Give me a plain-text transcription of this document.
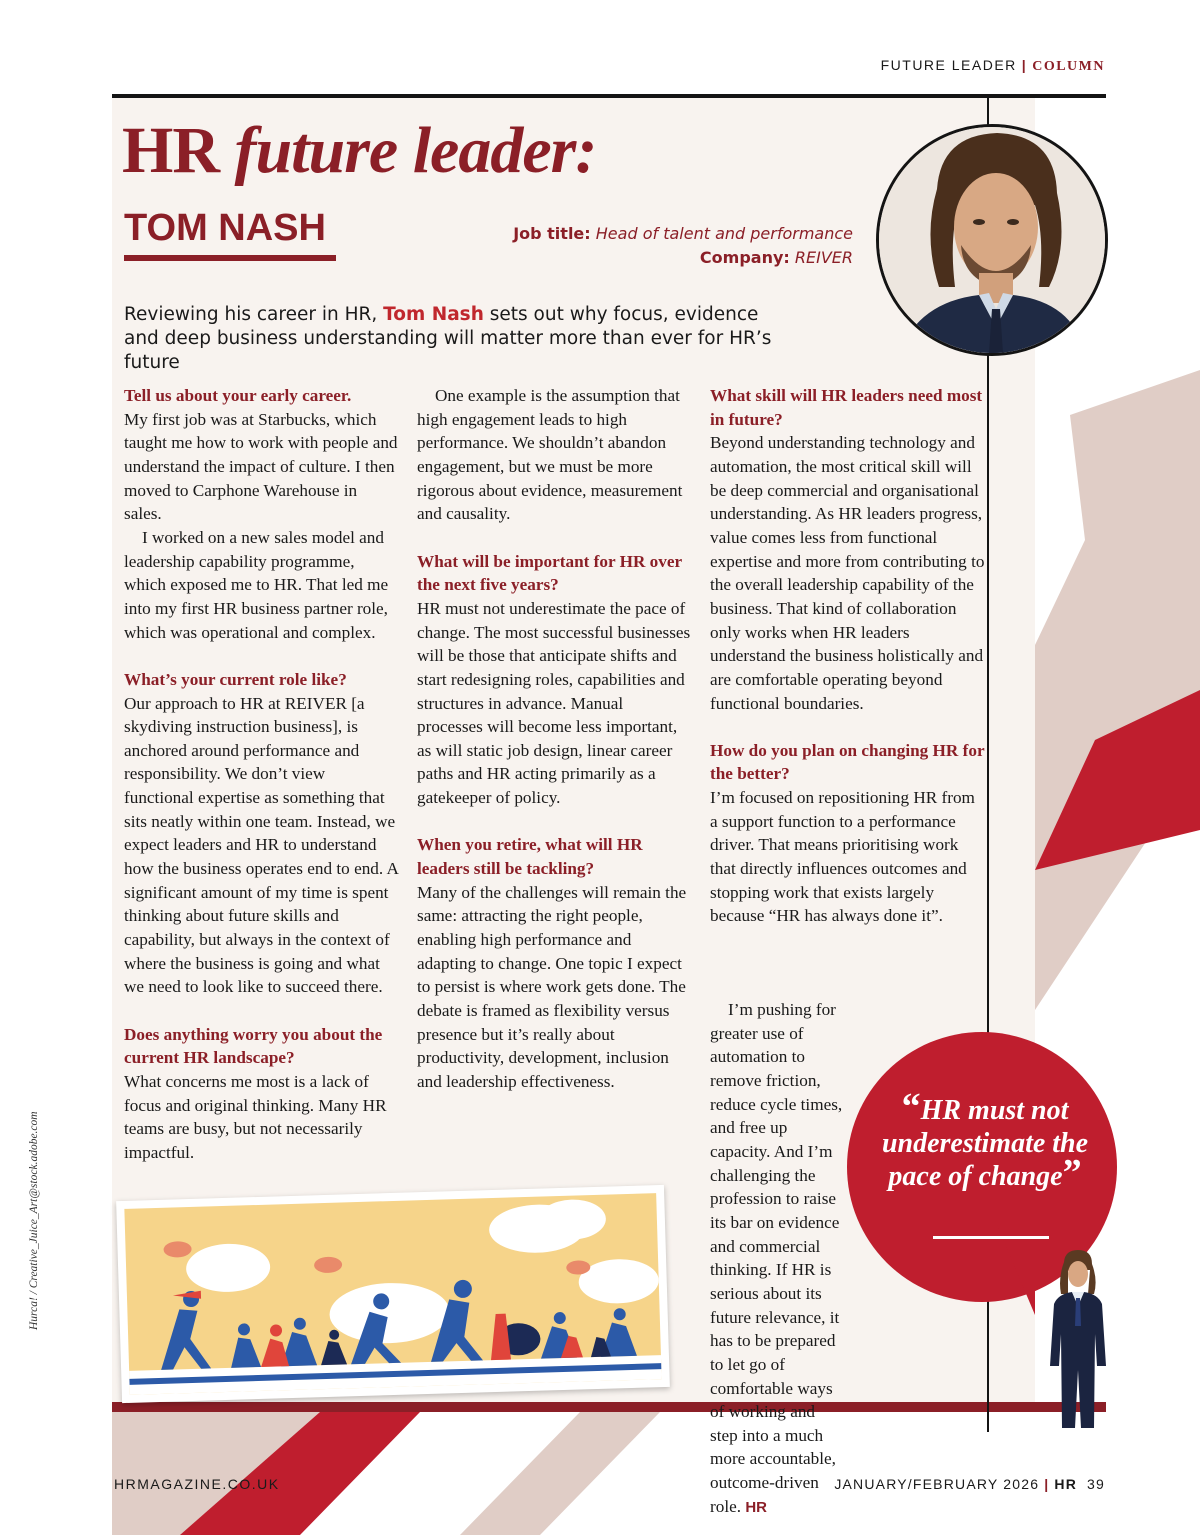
FUTURE LEADER | COLUMN
HR future leader:
TOM NASH	Job title: Head of talent and performance
Company: REIVER
Reviewing his career in HR, Tom Nash sets out why focus, evidence and deep business understanding will matter more than ever for HR’s future
Tell us about your early career.
My first job was at Starbucks, which taught me how to work with people and understand the impact of culture. I then moved to Carphone Warehouse in sales.
I worked on a new sales model and leadership capability programme, which exposed me to HR. That led me into my first HR business partner role, which was operational and complex.
What’s your current role like?
Our approach to HR at REIVER [a skydiving instruction business], is anchored around performance and responsibility. We don’t view functional expertise as something that sits neatly within one team. Instead, we expect leaders and HR to understand how the business operates end to end. A significant amount of my time is spent thinking about future skills and capability, but always in the context of where the business is going and what we need to look like to succeed there.
Does anything worry you about the current HR landscape?
What concerns me most is a lack of focus and original thinking. Many HR teams are busy, but not necessarily impactful.
One example is the assumption that high engagement leads to high performance. We shouldn’t abandon engagement, but we must be more rigorous about evidence, measurement and causality.
What will be important for HR over the next five years?
HR must not underestimate the pace of change. The most successful businesses will be those that anticipate shifts and start redesigning roles, capabilities and structures in advance. Manual processes will become less important, as will static job design, linear career paths and HR acting primarily as a gatekeeper of policy.
When you retire, what will HR leaders still be tackling?
Many of the challenges will remain the same: attracting the right people, enabling high performance and adapting to change. One topic I expect to persist is where work gets done. The debate is framed as flexibility versus presence but it’s really about productivity, development, inclusion and leadership effectiveness.
What skill will HR leaders need most in future?
Beyond understanding technology and automation, the most critical skill will be deep commercial and organisational understanding. As HR leaders progress, value comes less from functional expertise and more from contributing to the overall leadership capability of the business. That kind of collaboration only works when HR leaders understand the business holistically and are comfortable operating beyond functional boundaries.
How do you plan on changing HR for the better?
I’m focused on repositioning HR from a support function to a performance driver. That means prioritising work that directly influences outcomes and stopping work that exists largely because “HR has always done it”.
I’m pushing for greater use of automation to remove friction, reduce cycle times, and free up capacity. And I’m challenging the profession to raise its bar on evidence and commercial thinking. If HR is serious about its future relevance, it has to be prepared to let go of comfortable ways of working and step into a much more accountable, outcome-driven role. HR
“HR must not underestimate the pace of change”
Hurca! / Creative_Juice_Art@stock.adobe.com
HRMAGAZINE.CO.UK	JANUARY/FEBRUARY 2026 | HR 39
